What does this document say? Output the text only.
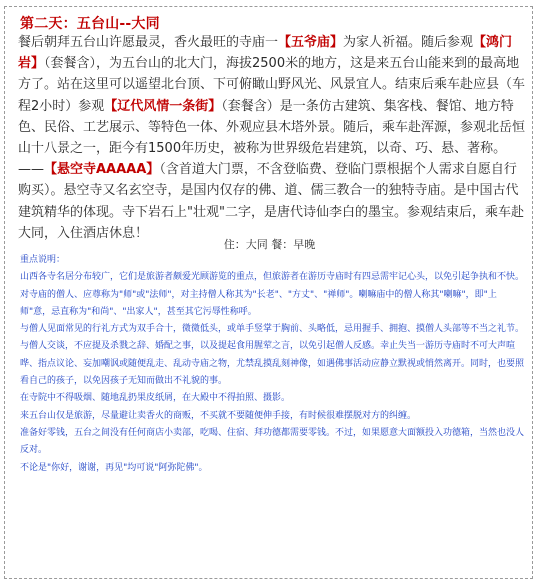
第二天：五台山--大同
餐后朝拜五台山许愿最灵，香火最旺的寺庙一【五爷庙】为家人祈福。随后参观【鸿门岩】（套餐含），为五台山的北大门，海拔2500米的地方，这是来五台山能来到的最高地方了。站在这里可以遥望北台顶、下可俯瞰山野风光、风景宜人。结束后乘车赴应县（车程2小时）参观【辽代风情一条街】（套餐含）是一条仿古建筑、集客栈、餐馆、地方特色、民俗、工艺展示、等特色一体、外观应县木塔外景。随后，乘车赴浑源，参观北岳恒山十八景之一，距今有1500年历史，被称为世界级危岩建筑，以奇、巧、悬、著称。——【悬空寺AAAAA】（含首道大门票，不含登临费、登临门票根据个人需求自愿自行购买）。悬空寺又名玄空寺，是国内仅存的佛、道、儒三教合一的独特寺庙。是中国古代建筑精华的体现。寺下岩石上"壮观"二字，是唐代诗仙李白的墨宝。参观结束后，乘车赴大同，入住酒店休息！
住：大同 餐：早晚
重点说明：
山西各寺名居分布较广，它们是旅游者颇爱光顾游览的重点，但旅游者在游历寺庙时有四忌需牢记心头，以免引起争执和不快。
对寺庙的僧人、应尊称为"师"或"法师"，对主持僧人称其为"长老"、"方丈"、"禅师"。喇嘛庙中的僧人称其"喇嘛"，即"上师"意，忌直称为"和尚"、"出家人"，甚至其它污辱性称呼。
与僧人见面常见的行礼方式为双手合十，微微低头，或单手竖掌于胸前、头略低，忌用握手、拥抱、摸僧人头部等不当之礼节。
与僧人交谈，不应提及杀戮之辞、婚配之事，以及提起食用腥荤之言，以免引起僧人反感。幸止失当一游历寺庙时不可大声喧哗、指点议论、妄加嘲讽或随便乱走、乱动寺庙之物，尤禁乱摸乱刻神像，如遇佛事活动应静立默视或悄然离开。同时，也要照看自己的孩子，以免因孩子无知而做出不礼貌的事。
在寺院中不得吸烟、随地乱扔果皮纸屑，在大殿中不得拍照、摄影。
来五台山仅是旅游，尽量避让卖香火的商贩，不买就不要随便伸手接，有时候很难摆脱对方的纠缠。
准备好零钱，五台之间没有任何商店小卖部，吃喝、住宿、拜功德都需要零钱。不过，如果愿意大面额投入功德箱，当然也没人反对。
不论是"你好，谢谢，再见"均可说"阿弥陀佛"。
